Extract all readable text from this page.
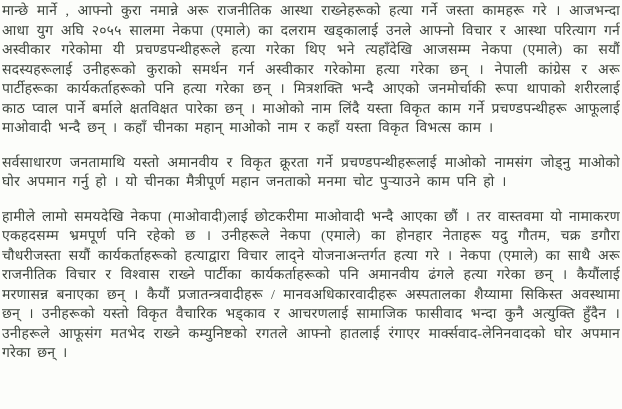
मान्छे मार्ने , आफ्नो कुरा नमान्ने अरू राजनीतिक आस्था राख्नेहरूको हत्या गर्ने जस्ता कामहरू गरे । आजभन्दा आधा युग अघि २०५५ सालमा नेकपा (एमाले) का दलराम खड्कालाई उनले आफ्नो विचार र आस्था परित्याग गर्न अस्वीकार गरेकोमा यी प्रचण्डपन्थीहरूले हत्या गरेका थिए भने त्यहाँदेखि आजसम्म नेकपा (एमाले) का सयौं सदस्यहरूलाई उनीहरूको कुराको समर्थन गर्न अस्वीकार गरेकोमा हत्या गरेका छन् । नेपाली कांग्रेस र अरू पार्टीहरूका कार्यकर्ताहरूको पनि हत्या गरेका छन् । मित्रशक्ति भन्दै आएको जनमोर्चाकी रूपा थापाको शरीरलाई काठ प्वाल पार्ने बर्माले क्षतविक्षत पारेका छन् । माओको नाम लिंदै यस्ता विकृत काम गर्ने प्रचण्डपन्थीहरू आफूलाई माओवादी भन्दै छन् । कहाँ चीनका महान् माओको नाम र कहाँ यस्ता विकृत विभत्स काम ।

सर्वसाधारण जनतामाथि यस्तो अमानवीय र विकृत क्रूरता गर्ने प्रचण्डपन्थीहरूलाई माओको नामसंग जोड्नु माओको घोर अपमान गर्नु हो । यो चीनका मैत्रीपूर्ण महान जनताको मनमा चोट पुऱ्याउने काम पनि हो ।

हामीले लामो समयदेखि नेकपा (माओवादी)लाई छोटकरीमा माओवादी भन्दै आएका छौं । तर वास्तवमा यो नामाकरण एकहदसम्म भ्रमपूर्ण पनि रहेको छ । उनीहरूले नेकपा (एमाले) का होनहार नेताहरू यदु गौतम, चक्र डगौरा चौधरीजस्ता सयौं कार्यकर्ताहरूको हत्याद्वारा विचार लाद्ने योजनाअन्तर्गत हत्या गरे । नेकपा (एमाले) का साथै अरू राजनीतिक विचार र विश्वास राख्ने पार्टीका कार्यकर्ताहरूको पनि अमानवीय ढंगले हत्या गरेका छन् । कैयौंलाई मरणासन्न बनाएका छन् । कैयौं प्रजातन्त्रवादीहरू / मानवअधिकारवादीहरू अस्पतालका शैय्यामा सिकिस्त अवस्थामा छन् । उनीहरूको यस्तो विकृत वैचारिक भड्काव र आचरणलाई सामाजिक फासीवाद भन्दा कुनै अत्युक्ति हुँदैन । उनीहरूले आफूसंग मतभेद राख्ने कम्युनिष्टको रगतले आफ्नो हातलाई रंगाएर मार्क्सवाद-लेनिनवादको घोर अपमान गरेका छन् ।
